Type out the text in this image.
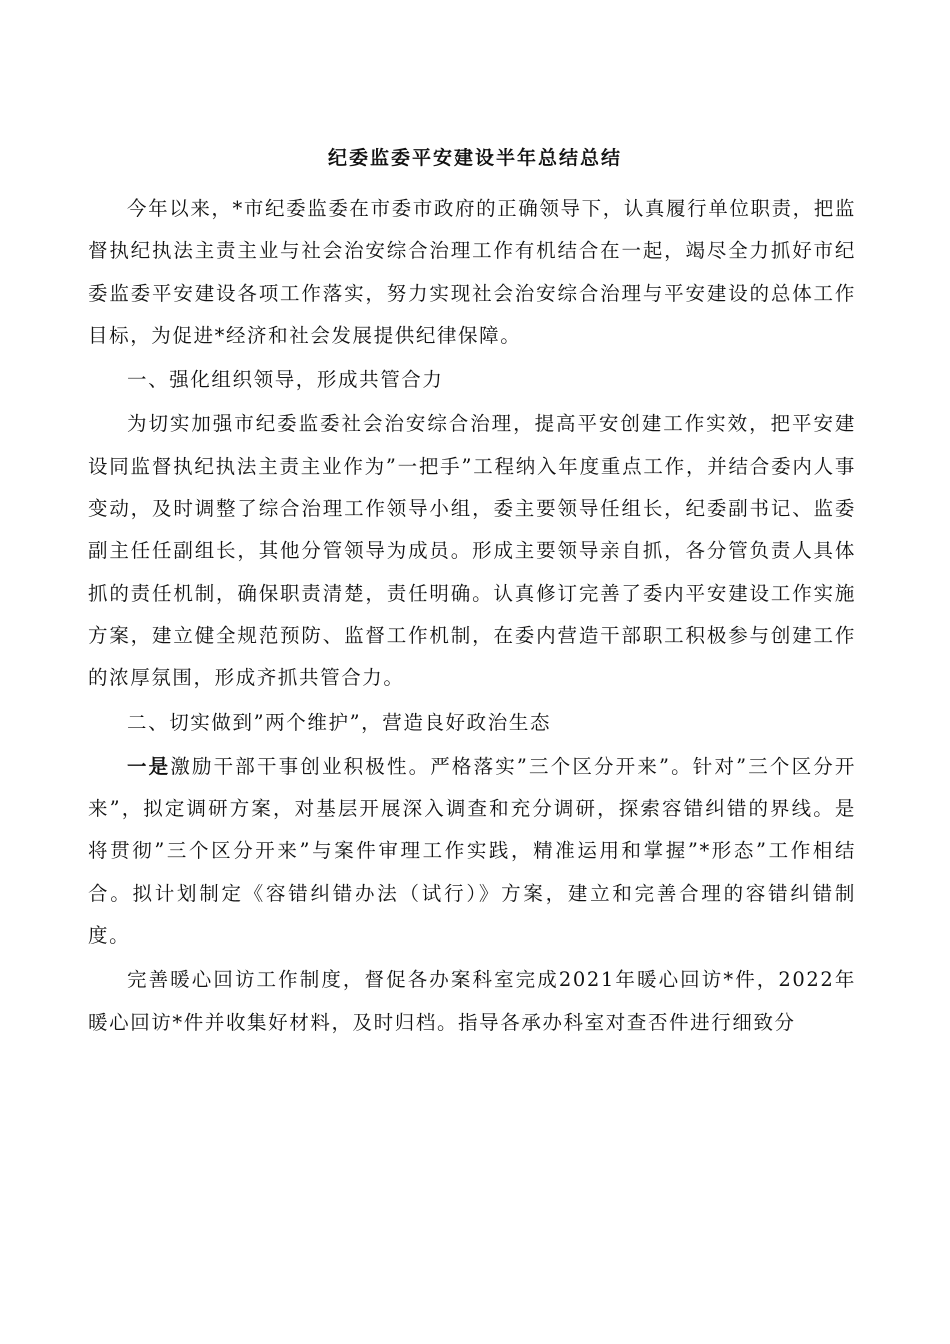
纪委监委平安建设半年总结总结

今年以来，*市纪委监委在市委市政府的正确领导下，认真履行单位职责，把监督执纪执法主责主业与社会治安综合治理工作有机结合在一起，竭尽全力抓好市纪委监委平安建设各项工作落实，努力实现社会治安综合治理与平安建设的总体工作目标，为促进*经济和社会发展提供纪律保障。

一、强化组织领导，形成共管合力

为切实加强市纪委监委社会治安综合治理，提高平安创建工作实效，把平安建设同监督执纪执法主责主业作为”一把手”工程纳入年度重点工作，并结合委内人事变动，及时调整了综合治理工作领导小组，委主要领导任组长，纪委副书记、监委副主任任副组长，其他分管领导为成员。形成主要领导亲自抓，各分管负责人具体抓的责任机制，确保职责清楚，责任明确。认真修订完善了委内平安建设工作实施方案，建立健全规范预防、监督工作机制，在委内营造干部职工积极参与创建工作的浓厚氛围，形成齐抓共管合力。

二、切实做到”两个维护”，营造良好政治生态

一是激励干部干事创业积极性。严格落实”三个区分开来”。针对”三个区分开来”，拟定调研方案，对基层开展深入调查和充分调研，探索容错纠错的界线。是将贯彻”三个区分开来”与案件审理工作实践，精准运用和掌握”*形态”工作相结合。拟计划制定《容错纠错办法（试行）》方案，建立和完善合理的容错纠错制度。

完善暖心回访工作制度，督促各办案科室完成2021年暖心回访*件，2022年暖心回访*件并收集好材料，及时归档。指导各承办科室对查否件进行细致分
